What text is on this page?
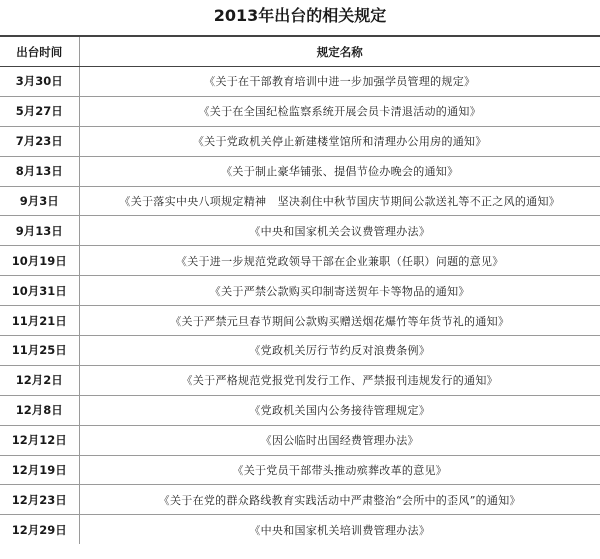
2013年出台的相关规定
出台时间	规定名称
3月30日	《关于在干部教育培训中进一步加强学员管理的规定》
5月27日	《关于在全国纪检监察系统开展会员卡清退活动的通知》
7月23日	《关于党政机关停止新建楼堂馆所和清理办公用房的通知》
8月13日	《关于制止豪华铺张、提倡节俭办晚会的通知》
9月3日	《关于落实中央八项规定精神　坚决刹住中秋节国庆节期间公款送礼等不正之风的通知》
9月13日	《中央和国家机关会议费管理办法》
10月19日	《关于进一步规范党政领导干部在企业兼职（任职）问题的意见》
10月31日	《关于严禁公款购买印制寄送贺年卡等物品的通知》
11月21日	《关于严禁元旦春节期间公款购买赠送烟花爆竹等年货节礼的通知》
11月25日	《党政机关厉行节约反对浪费条例》
12月2日	《关于严格规范党报党刊发行工作、严禁报刊违规发行的通知》
12月8日	《党政机关国内公务接待管理规定》
12月12日	《因公临时出国经费管理办法》
12月19日	《关于党员干部带头推动殡葬改革的意见》
12月23日	《关于在党的群众路线教育实践活动中严肃整治“会所中的歪风”的通知》
12月29日	《中央和国家机关培训费管理办法》
